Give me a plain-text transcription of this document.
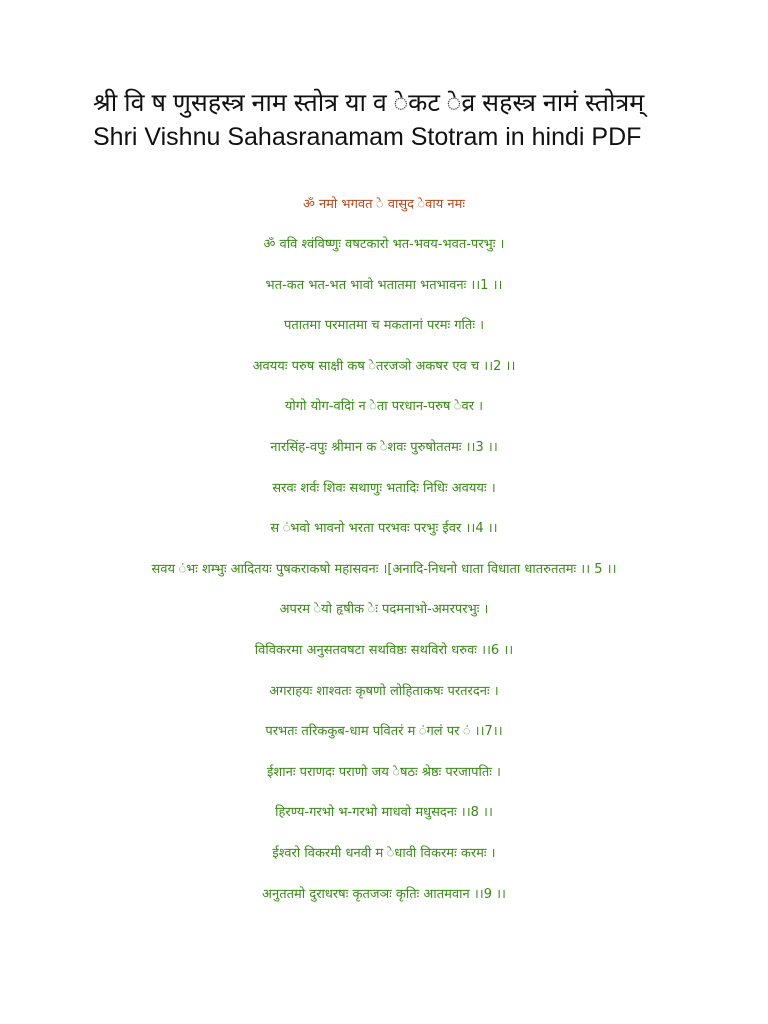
श्री वि ष णुसहस्त्र नाम स्तोत्र या व ेकट ेव्र सहस्त्र नामं स्तोत्रम् Shri Vishnu Sahasranamam Stotram in hindi PDF

ॐ नमो भगवत े वासुद ेवाय नमः

ॐ ववि श्वंविष्णुः वषटकारो भत-भवय-भवत-परभुः ।

भत-कत भत-भत भावो भतातमा भतभावनः ।।1 ।।

पतातमा परमातमा च मकतानां परमः गतिः ।

अवययः परुष साक्षी कष ेतरजञो अकषर एव च ।।2 ।।

योगो योग-वदिां न ेता परधान-परुष ेवर ।

नारसिंह-वपुः श्रीमान क ेशवः पुरुषोततमः ।।3 ।।

सरवः शर्वः शिवः सथाणुः भतादिः निधिः अवययः ।

स ंभवो भावनो भरता परभवः परभुः ईवर ।।4 ।।

सवय ंभः शम्भुः आदितयः पुषकराकषो महासवनः ।[अनादि-निधनो धाता विधाता धातरुततमः ।। 5 ।।

अपरम ेयो हृषीक ेः पदमनाभो-अमरपरभुः ।

विविकरमा अनुसतवषटा सथविष्ठः सथविरो धरुवः ।।6 ।।

अगराहयः शाश्वतः कृषणो लोहिताकषः परतरदनः ।

परभतः तरिककुब-धाम पवितरं म ंगलं पर ं ।।7।।

ईशानः पराणदः पराणो जय ेषठः श्रेष्ठः परजापतिः ।

हिरण्य-गरभो भ-गरभो माधवो मधुसदनः ।।8 ।।

ईश्वरो विकरमी धनवी म ेधावी विकरमः करमः ।

अनुततमो दुराधरषः कृतजञः कृतिः आतमवान ।।9 ।।
